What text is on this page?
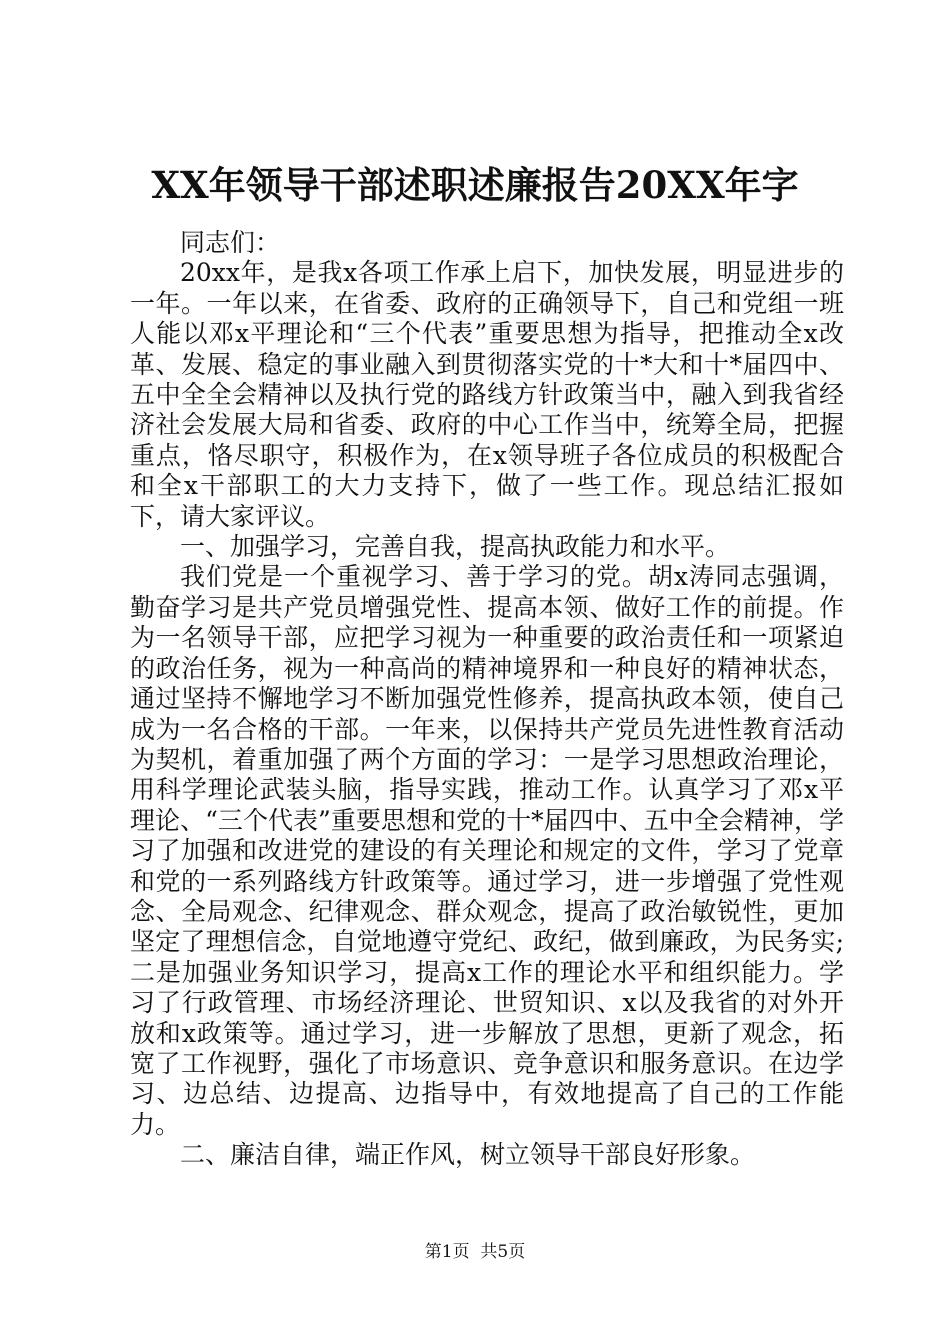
XX年领导干部述职述廉报告20XX年字

同志们：

20xx年，是我x各项工作承上启下，加快发展，明显进步的一年。一年以来，在省委、政府的正确领导下，自己和党组一班人能以邓x平理论和“三个代表”重要思想为指导，把推动全x改革、发展、稳定的事业融入到贯彻落实党的十*大和十*届四中、五中全全会精神以及执行党的路线方针政策当中，融入到我省经济社会发展大局和省委、政府的中心工作当中，统筹全局，把握重点，恪尽职守，积极作为，在x领导班子各位成员的积极配合和全x干部职工的大力支持下，做了一些工作。现总结汇报如下，请大家评议。

一、加强学习，完善自我，提高执政能力和水平。

我们党是一个重视学习、善于学习的党。胡x涛同志强调，勤奋学习是共产党员增强党性、提高本领、做好工作的前提。作为一名领导干部，应把学习视为一种重要的政治责任和一项紧迫的政治任务，视为一种高尚的精神境界和一种良好的精神状态，通过坚持不懈地学习不断加强党性修养，提高执政本领，使自己成为一名合格的干部。一年来，以保持共产党员先进性教育活动为契机，着重加强了两个方面的学习：一是学习思想政治理论，用科学理论武装头脑，指导实践，推动工作。认真学习了邓x平理论、“三个代表”重要思想和党的十*届四中、五中全会精神，学习了加强和改进党的建设的有关理论和规定的文件，学习了党章和党的一系列路线方针政策等。通过学习，进一步增强了党性观念、全局观念、纪律观念、群众观念，提高了政治敏锐性，更加坚定了理想信念，自觉地遵守党纪、政纪，做到廉政，为民务实;二是加强业务知识学习，提高x工作的理论水平和组织能力。学习了行政管理、市场经济理论、世贸知识、x以及我省的对外开放和x政策等。通过学习，进一步解放了思想，更新了观念，拓宽了工作视野，强化了市场意识、竞争意识和服务意识。在边学习、边总结、边提高、边指导中，有效地提高了自己的工作能力。

二、廉洁自律，端正作风，树立领导干部良好形象。

第1页  共5页
